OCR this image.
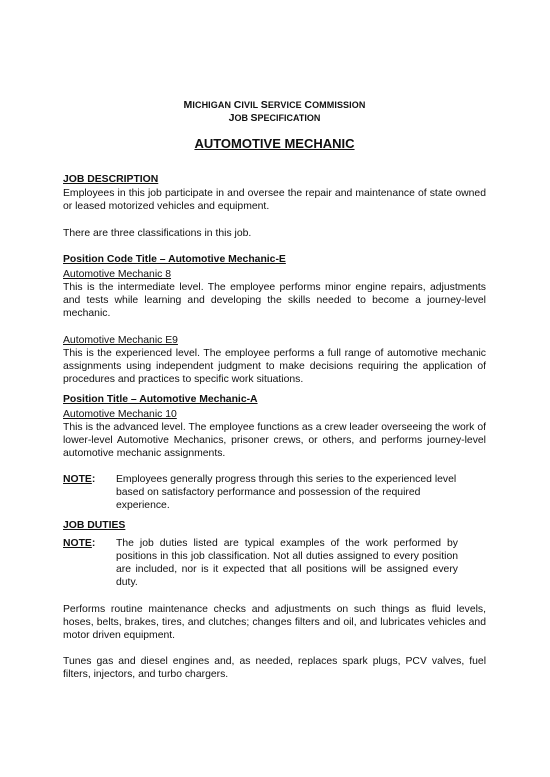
MICHIGAN CIVIL SERVICE COMMISSION
JOB SPECIFICATION
AUTOMOTIVE MECHANIC
JOB DESCRIPTION
Employees in this job participate in and oversee the repair and maintenance of state owned or leased motorized vehicles and equipment.
There are three classifications in this job.
Position Code Title – Automotive Mechanic-E
Automotive Mechanic 8
This is the intermediate level. The employee performs minor engine repairs, adjustments and tests while learning and developing the skills needed to become a journey-level mechanic.
Automotive Mechanic E9
This is the experienced level. The employee performs a full range of automotive mechanic assignments using independent judgment to make decisions requiring the application of procedures and practices to specific work situations.
Position Title – Automotive Mechanic-A
Automotive Mechanic 10
This is the advanced level. The employee functions as a crew leader overseeing the work of lower-level Automotive Mechanics, prisoner crews, or others, and performs journey-level automotive mechanic assignments.
NOTE:	Employees generally progress through this series to the experienced level based on satisfactory performance and possession of the required experience.
JOB DUTIES
NOTE:	The job duties listed are typical examples of the work performed by positions in this job classification. Not all duties assigned to every position are included, nor is it expected that all positions will be assigned every duty.
Performs routine maintenance checks and adjustments on such things as fluid levels, hoses, belts, brakes, tires, and clutches; changes filters and oil, and lubricates vehicles and motor driven equipment.
Tunes gas and diesel engines and, as needed, replaces spark plugs, PCV valves, fuel filters, injectors, and turbo chargers.
